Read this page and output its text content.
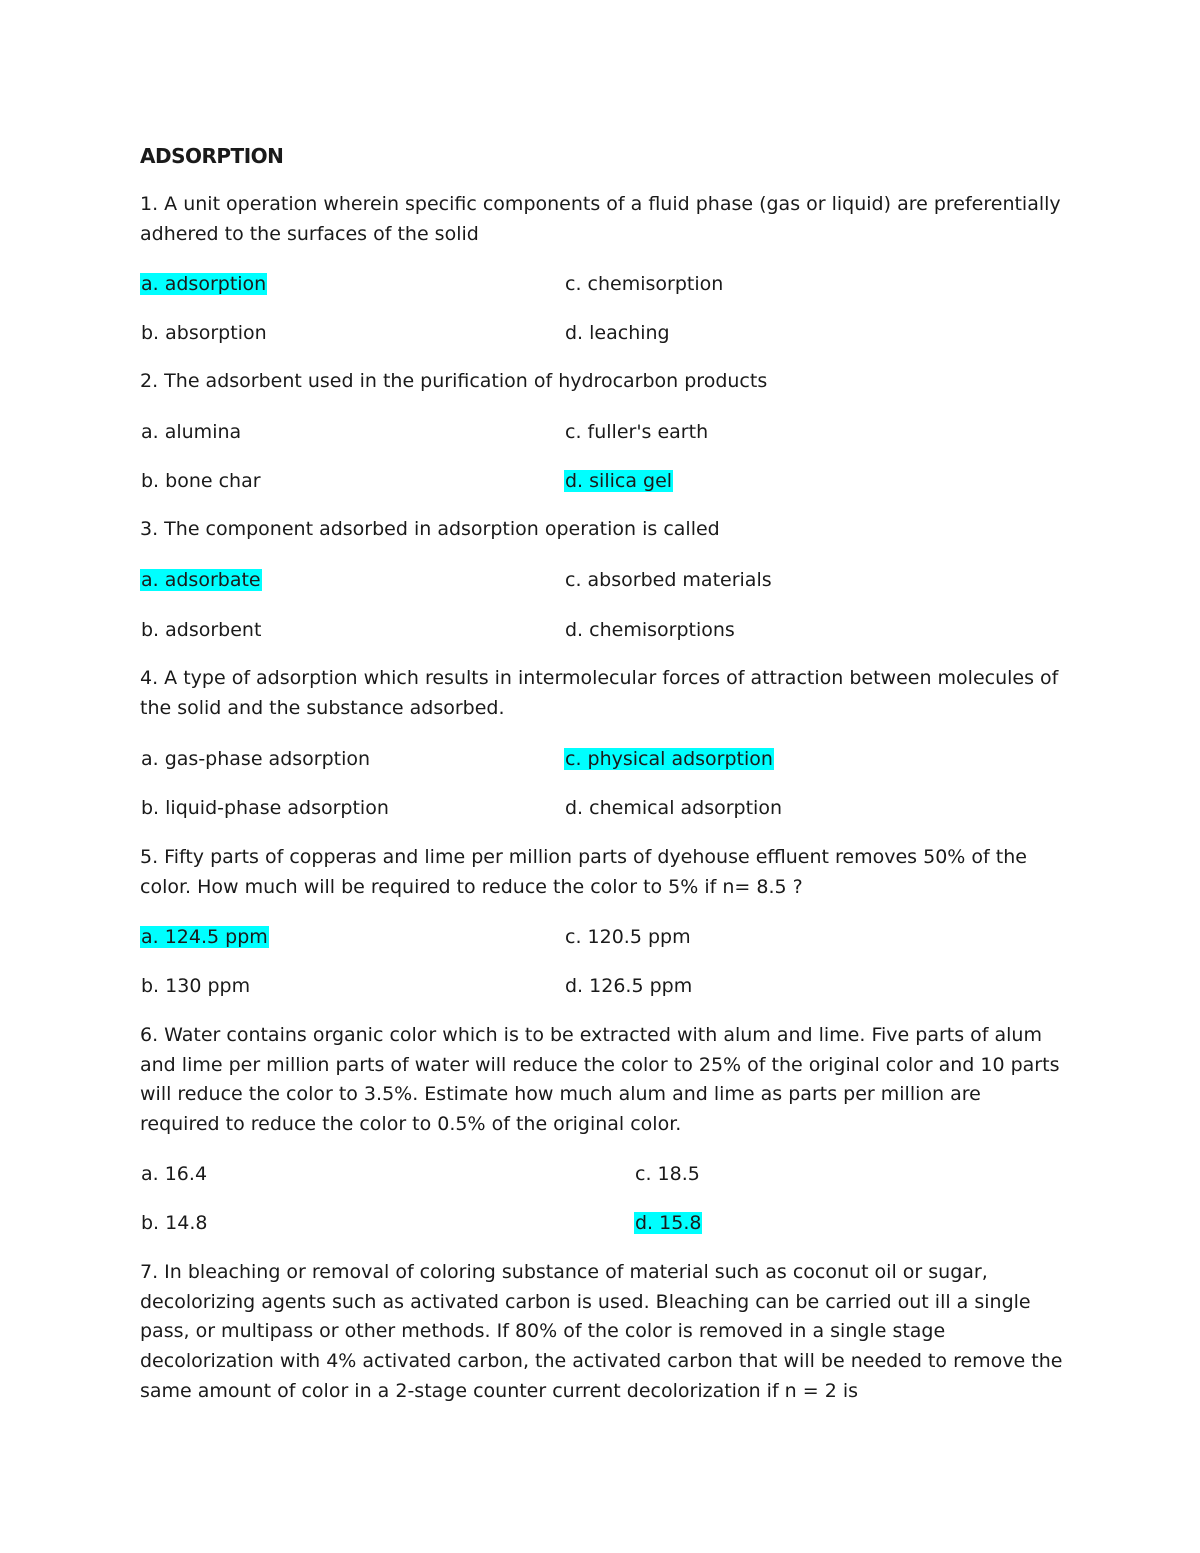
ADSORPTION
1. A unit operation wherein specific components of a fluid phase (gas or liquid) are preferentially adhered to the surfaces of the solid
a. adsorption	c. chemisorption
b. absorption	d. leaching
2. The adsorbent used in the purification of hydrocarbon products
a. alumina	c. fuller's earth
b. bone char	d. silica gel
3. The component adsorbed in adsorption operation is called
a. adsorbate	c. absorbed materials
b. adsorbent	d. chemisorptions
4. A type of adsorption which results in intermolecular forces of attraction between molecules of the solid and the substance adsorbed.
a. gas-phase adsorption	c. physical adsorption
b. liquid-phase adsorption	d. chemical adsorption
5. Fifty parts of copperas and lime per million parts of dyehouse effluent removes 50% of the color. How much will be required to reduce the color to 5% if n= 8.5 ?
a. 124.5 ppm	c. 120.5 ppm
b. 130 ppm	d. 126.5 ppm
6. Water contains organic color which is to be extracted with alum and lime. Five parts of alum and lime per million parts of water will reduce the color to 25% of the original color and 10 parts will reduce the color to 3.5%. Estimate how much alum and lime as parts per million are required to reduce the color to 0.5% of the original color.
a. 16.4	c. 18.5
b. 14.8	d. 15.8
7. In bleaching or removal of coloring substance of material such as coconut oil or sugar, decolorizing agents such as activated carbon is used. Bleaching can be carried out ill a single pass, or multipass or other methods. If 80% of the color is removed in a single stage decolorization with 4% activated carbon, the activated carbon that will be needed to remove the same amount of color in a 2-stage counter current decolorization if n = 2 is
